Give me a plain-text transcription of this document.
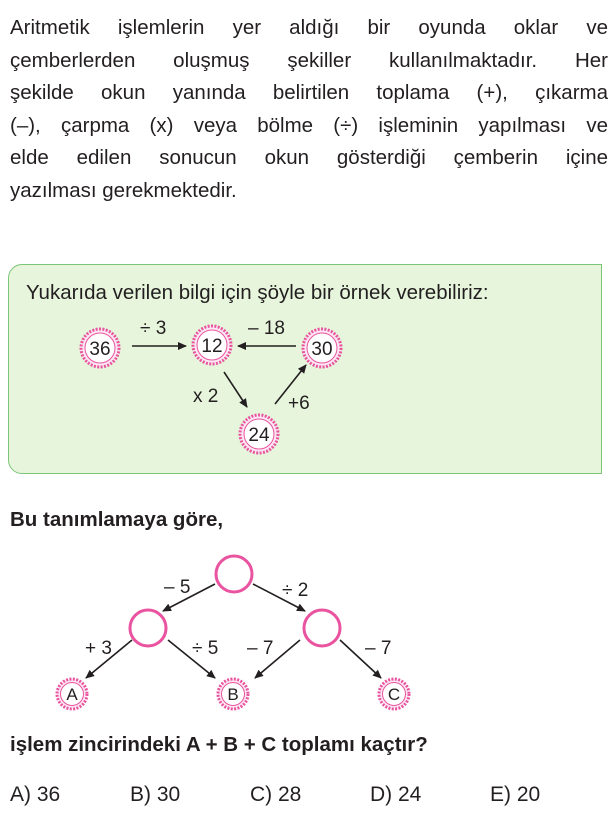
Aritmetik işlemlerin yer aldığı bir oyunda oklar ve
çemberlerden oluşmuş şekiller kullanılmaktadır. Her
şekilde okun yanında belirtilen toplama (+), çıkarma
(–), çarpma (x) veya bölme (÷) işleminin yapılması ve
elde edilen sonucun okun gösterdiği çemberin içine
yazılması gerekmektedir.
Yukarıda verilen bilgi için şöyle bir örnek verebiliriz:
36	12	30
24
÷ 3	– 18
x 2	+6
A	B	C
– 5	÷ 2
+ 3	÷ 5 – 7	– 7
Bu tanımlamaya göre,
işlem zincirindeki A + B + C toplamı kaçtır?
A) 36	B) 30	C) 28	D) 24	E) 20
